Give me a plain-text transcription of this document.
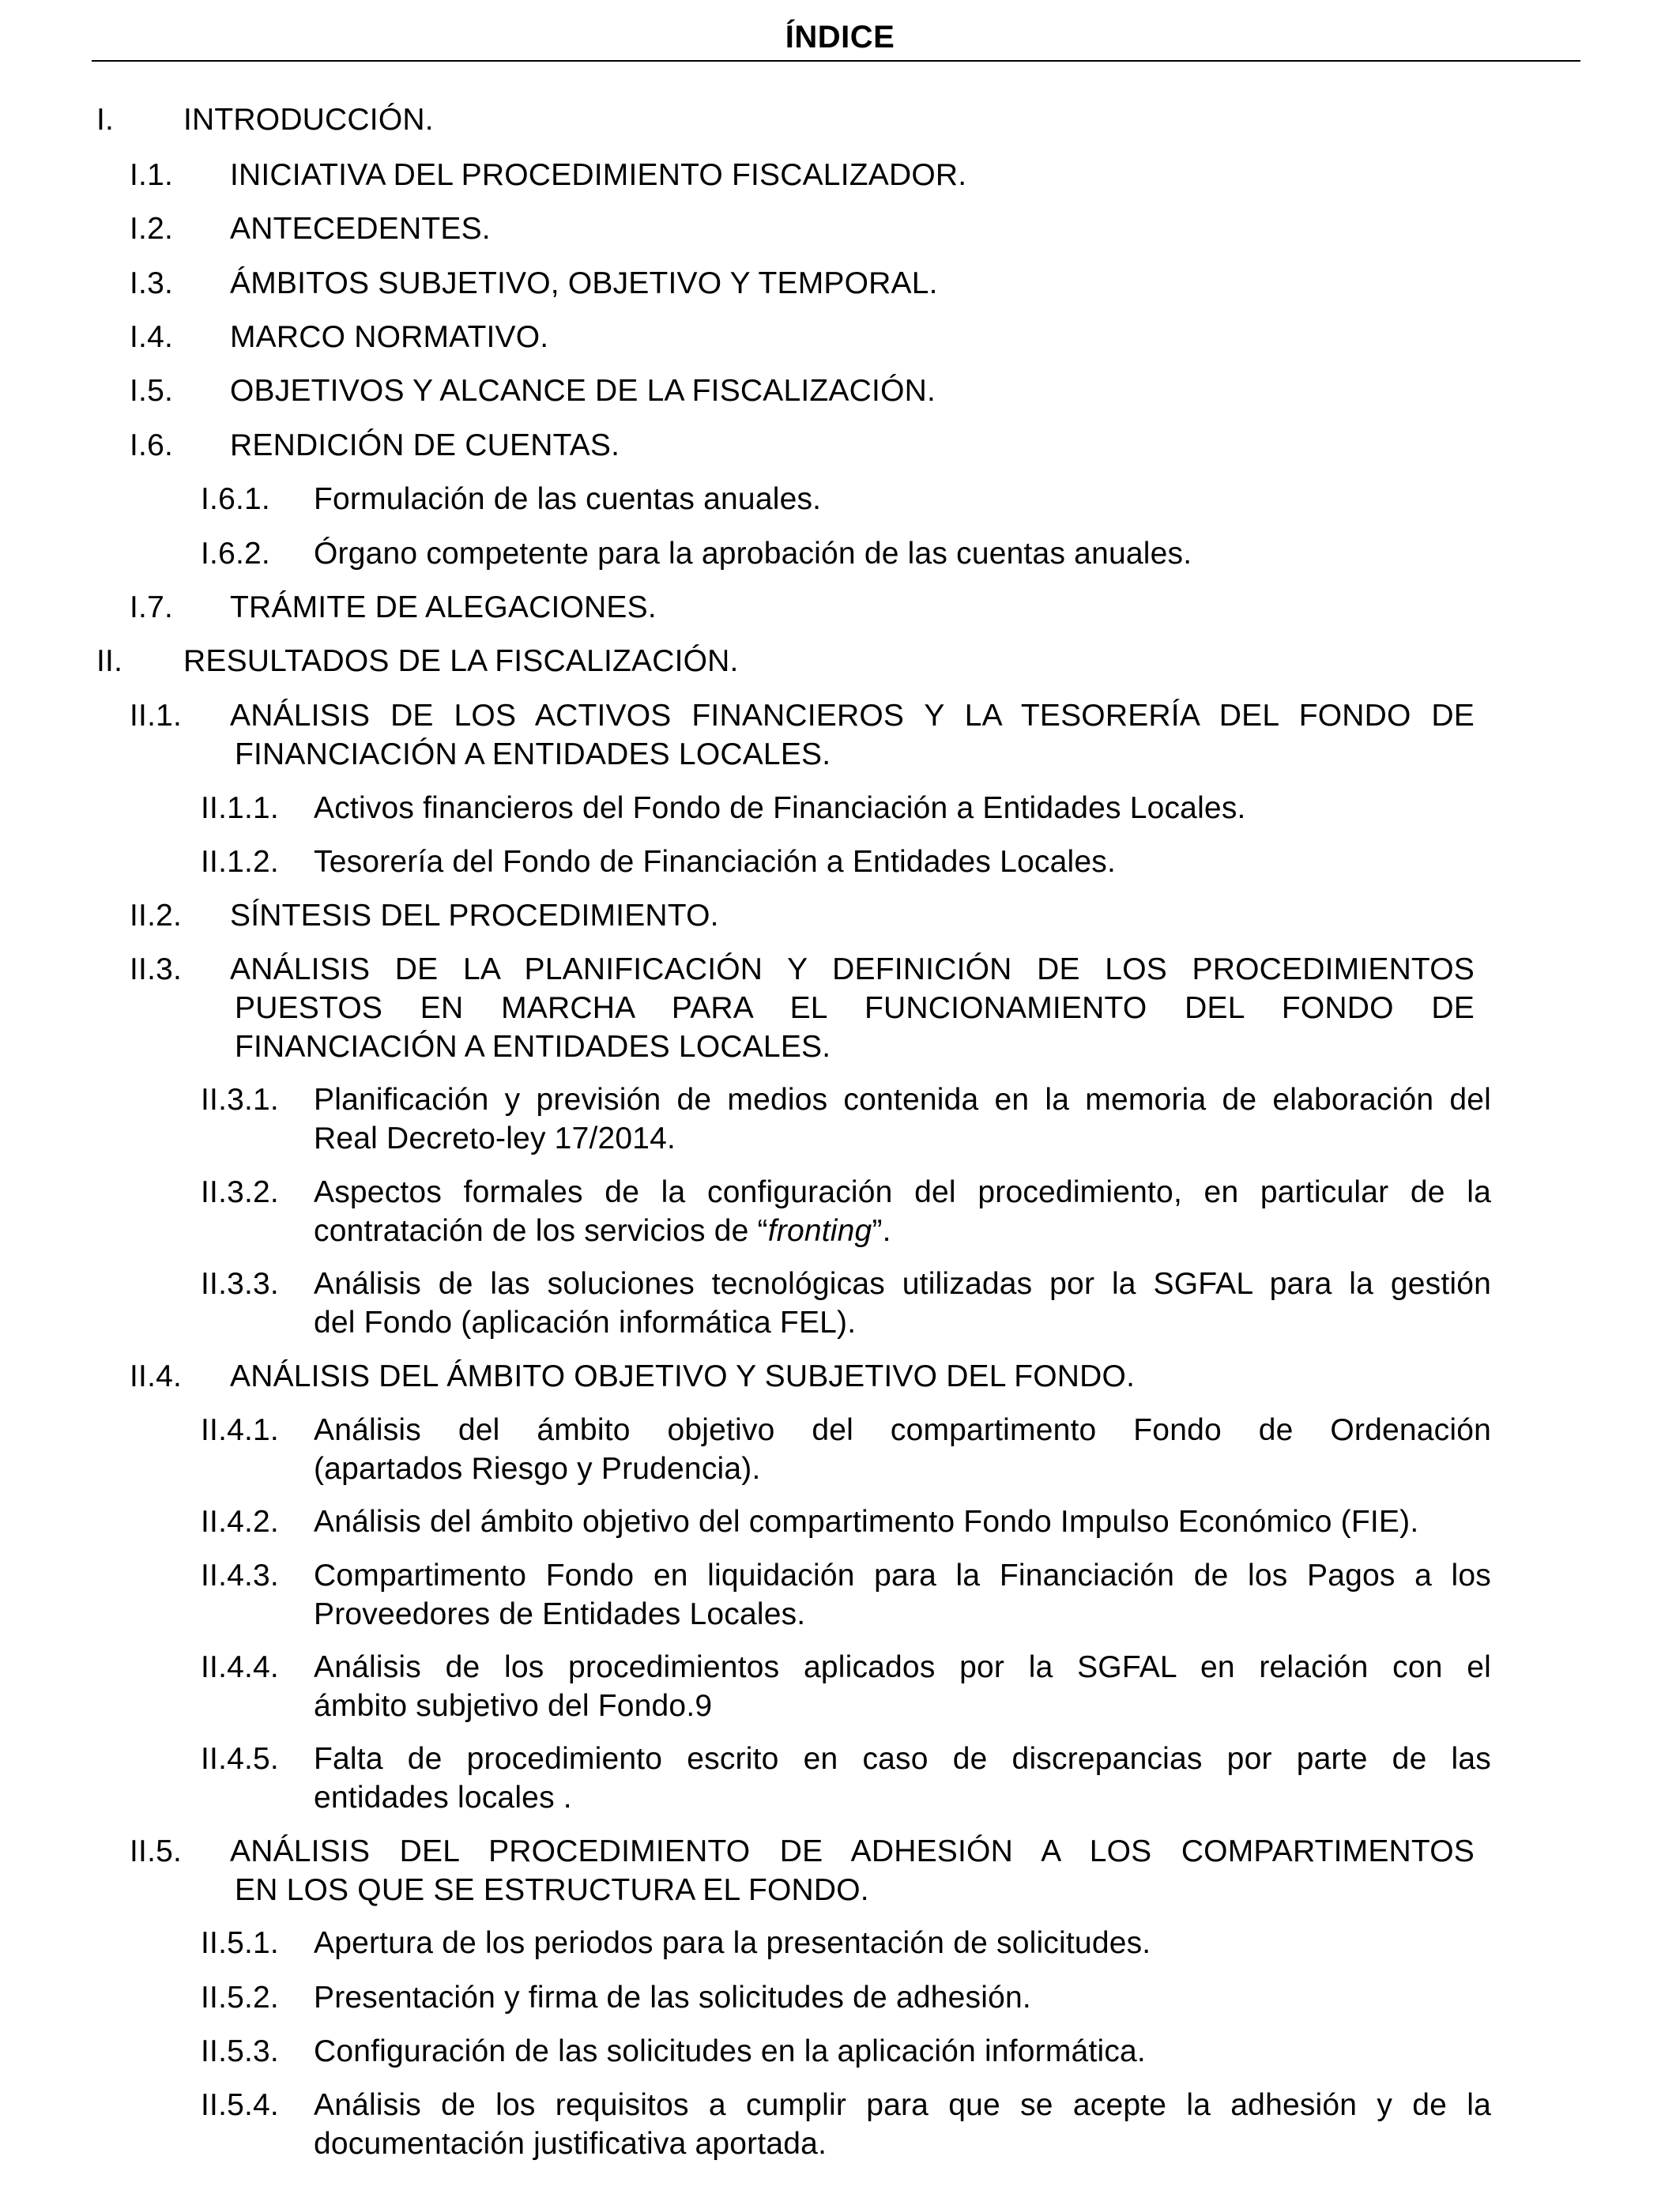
ÍNDICE
I. INTRODUCCIÓN.
I.1. INICIATIVA DEL PROCEDIMIENTO FISCALIZADOR.
I.2. ANTECEDENTES.
I.3. ÁMBITOS SUBJETIVO, OBJETIVO Y TEMPORAL.
I.4. MARCO NORMATIVO.
I.5. OBJETIVOS Y ALCANCE DE LA FISCALIZACIÓN.
I.6. RENDICIÓN DE CUENTAS.
I.6.1. Formulación de las cuentas anuales.
I.6.2. Órgano competente para la aprobación de las cuentas anuales.
I.7. TRÁMITE DE ALEGACIONES.
II. RESULTADOS DE LA FISCALIZACIÓN.
II.1. ANÁLISIS DE LOS ACTIVOS FINANCIEROS Y LA TESORERÍA DEL FONDO DE
FINANCIACIÓN A ENTIDADES LOCALES.
II.1.1. Activos financieros del Fondo de Financiación a Entidades Locales.
II.1.2. Tesorería del Fondo de Financiación a Entidades Locales.
II.2. SÍNTESIS DEL PROCEDIMIENTO.
II.3. ANÁLISIS DE LA PLANIFICACIÓN Y DEFINICIÓN DE LOS PROCEDIMIENTOS
PUESTOS EN MARCHA PARA EL FUNCIONAMIENTO DEL FONDO DE
FINANCIACIÓN A ENTIDADES LOCALES.
II.3.1. Planificación y previsión de medios contenida en la memoria de elaboración del
Real Decreto-ley 17/2014.
II.3.2. Aspectos formales de la configuración del procedimiento, en particular de la
contratación de los servicios de “fronting”.
II.3.3. Análisis de las soluciones tecnológicas utilizadas por la SGFAL para la gestión
del Fondo (aplicación informática FEL).
II.4. ANÁLISIS DEL ÁMBITO OBJETIVO Y SUBJETIVO DEL FONDO.
II.4.1. Análisis del ámbito objetivo del compartimento Fondo de Ordenación
(apartados Riesgo y Prudencia).
II.4.2. Análisis del ámbito objetivo del compartimento Fondo Impulso Económico (FIE).
II.4.3. Compartimento Fondo en liquidación para la Financiación de los Pagos a los
Proveedores de Entidades Locales.
II.4.4. Análisis de los procedimientos aplicados por la SGFAL en relación con el
ámbito subjetivo del Fondo.9
II.4.5. Falta de procedimiento escrito en caso de discrepancias por parte de las
entidades locales .
II.5. ANÁLISIS DEL PROCEDIMIENTO DE ADHESIÓN A LOS COMPARTIMENTOS
EN LOS QUE SE ESTRUCTURA EL FONDO.
II.5.1. Apertura de los periodos para la presentación de solicitudes.
II.5.2. Presentación y firma de las solicitudes de adhesión.
II.5.3. Configuración de las solicitudes en la aplicación informática.
II.5.4. Análisis de los requisitos a cumplir para que se acepte la adhesión y de la
documentación justificativa aportada.
